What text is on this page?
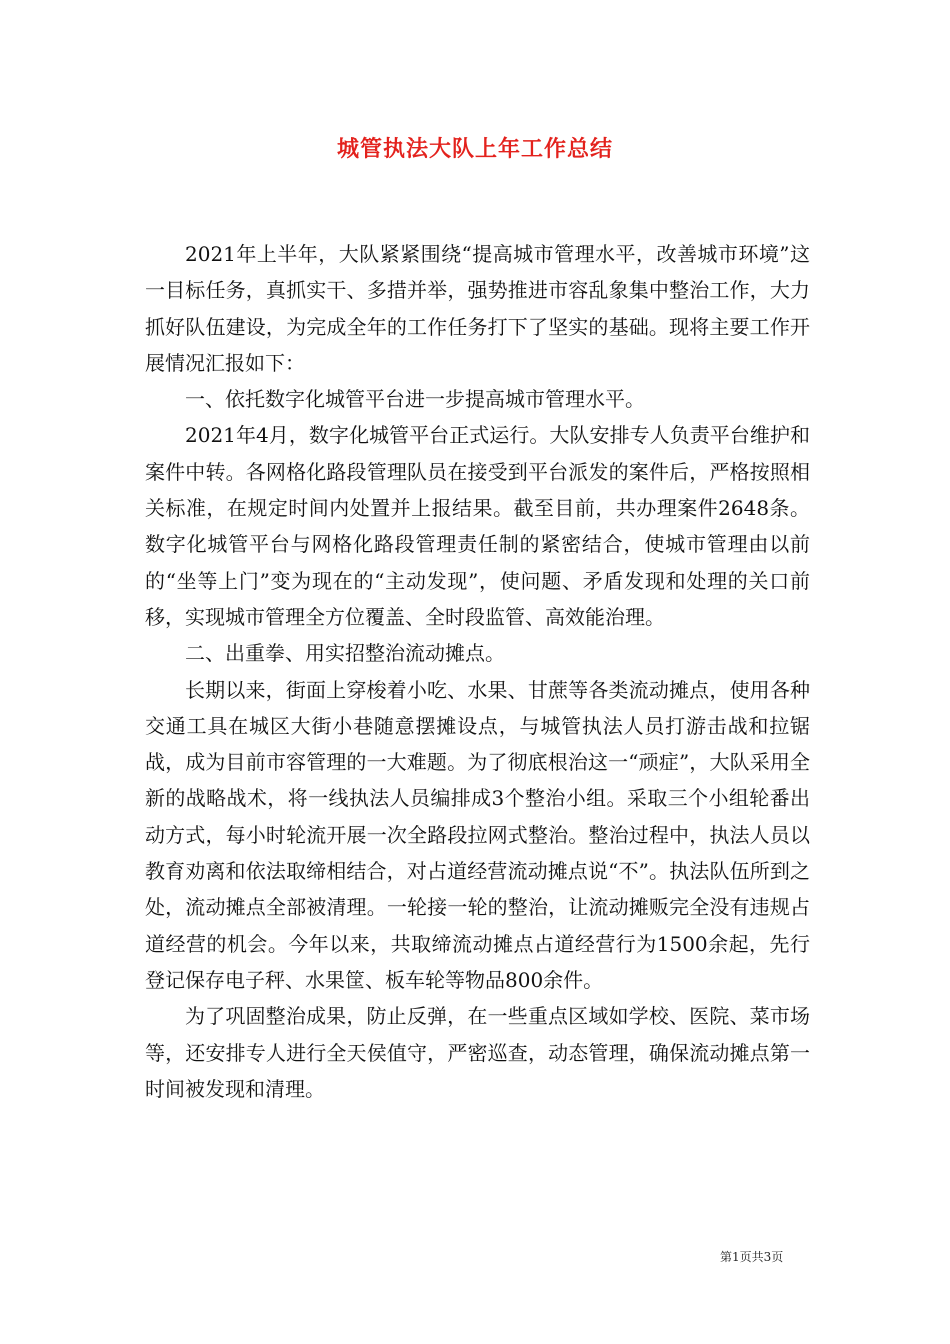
城管执法大队上年工作总结

2021年上半年，大队紧紧围绕“提高城市管理水平，改善城市环境”这一目标任务，真抓实干、多措并举，强势推进市容乱象集中整治工作，大力抓好队伍建设，为完成全年的工作任务打下了坚实的基础。现将主要工作开展情况汇报如下：

一、依托数字化城管平台进一步提高城市管理水平。

2021年4月，数字化城管平台正式运行。大队安排专人负责平台维护和案件中转。各网格化路段管理队员在接受到平台派发的案件后，严格按照相关标准，在规定时间内处置并上报结果。截至目前，共办理案件2648条。数字化城管平台与网格化路段管理责任制的紧密结合，使城市管理由以前的“坐等上门”变为现在的“主动发现”，使问题、矛盾发现和处理的关口前移，实现城市管理全方位覆盖、全时段监管、高效能治理。

二、出重拳、用实招整治流动摊点。

长期以来，街面上穿梭着小吃、水果、甘蔗等各类流动摊点，使用各种交通工具在城区大街小巷随意摆摊设点，与城管执法人员打游击战和拉锯战，成为目前市容管理的一大难题。为了彻底根治这一“顽症”，大队采用全新的战略战术，将一线执法人员编排成3个整治小组。采取三个小组轮番出动方式，每小时轮流开展一次全路段拉网式整治。整治过程中，执法人员以教育劝离和依法取缔相结合，对占道经营流动摊点说“不”。执法队伍所到之处，流动摊点全部被清理。一轮接一轮的整治，让流动摊贩完全没有违规占道经营的机会。今年以来，共取缔流动摊点占道经营行为1500余起，先行登记保存电子秤、水果筐、板车轮等物品800余件。

为了巩固整治成果，防止反弹，在一些重点区域如学校、医院、菜市场等，还安排专人进行全天侯值守，严密巡查，动态管理，确保流动摊点第一时间被发现和清理。

第1页共3页
